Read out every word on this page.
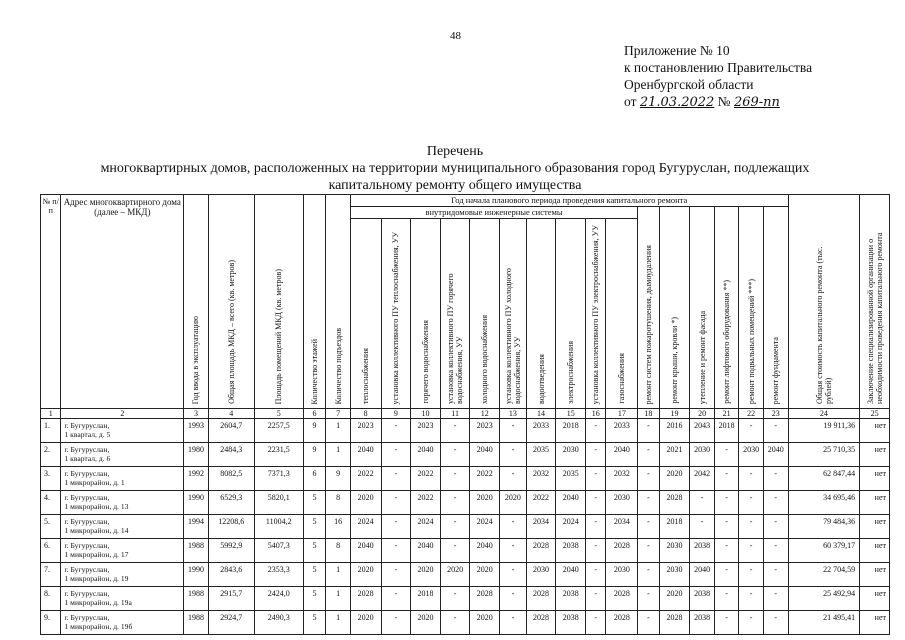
48
Приложение № 10
к постановлению Правительства
Оренбургской области
от 21.03.2022 № 269-пп
Перечень
многоквартирных домов, расположенных на территории муниципального образования город Бугуруслан, подлежащих
капитальному ремонту общего имущества
№ п/п	Адрес многоквартирного дома (далее – МКД)	Год ввода в эксплуатацию	Общая площадь МКД – всего (кв. метров)	Площадь помещений МКД (кв. метров)	Количество этажей	Количество подъездов	Год начала планового периода проведения капитального ремонта																Общая стоимость капитального ремонта (тыс. рублей)	Заключение специализированной организации о необходимости проведения капитального ремонта

							внутридомовые инженерные системы										ремонт систем пожаротушения, дымоудаления	ремонт крыши, кровли *)	утепление и ремонт фасада	ремонт лифтового оборудования **)	ремонт подвальных помещений ***)	ремонт фундамента		

							теплоснабжения	установка коллективного ПУ теплоснабжения, УУ	горячего водоснабжения	установка коллективного ПУ горячего водоснабжения, УУ	холодного водоснабжения	установка коллективного ПУ холодного водоснабжения, УУ	водоотведения	электроснабжения	установка коллективного ПУ электроснабжения, УУ	газоснабжения								

1	2	3	4	5	6	7	8	9	10	11	12	13	14	15	16	17	18	19	20	21	22	23	24	25
1.	г. Бугуруслан,
1 квартал, д. 5	1993	2604,7	2257,5	9	1	2023	-	2023	-	2023	-	2033	2018	-	2033	-	2016	2043	2018	-	-	19 911,36	нет
2.	г. Бугуруслан,
1 квартал, д. 6	1980	2484,3	2231,5	9	1	2040	-	2040	-	2040	-	2035	2030	-	2040	-	2021	2030	-	2030	2040	25 710,35	нет
3.	г. Бугуруслан,
1 микрорайон, д. 1	1992	8082,5	7371,3	6	9	2022	-	2022	-	2022	-	2032	2035	-	2032	-	2020	2042	-	-	-	62 847,44	нет
4.	г. Бугуруслан,
1 микрорайон, д. 13	1990	6529,3	5820,1	5	8	2020	-	2022	-	2020	2020	2022	2040	-	2030	-	2028	-	-	-	-	34 695,46	нет
5.	г. Бугуруслан,
1 микрорайон, д. 14	1994	12208,6	11004,2	5	16	2024	-	2024	-	2024	-	2034	2024	-	2034	-	2018	-	-	-	-	79 484,36	нет
6.	г. Бугуруслан,
1 микрорайон, д. 17	1988	5992,9	5407,3	5	8	2040	-	2040	-	2040	-	2028	2038	-	2028	-	2030	2038	-	-	-	60 379,17	нет
7.	г. Бугуруслан,
1 микрорайон, д. 19	1990	2843,6	2353,3	5	1	2020	-	2020	2020	2020	-	2030	2040	-	2030	-	2030	2040	-	-	-	22 704,59	нет
8.	г. Бугуруслан,
1 микрорайон, д. 19а	1988	2915,7	2424,0	5	1	2028	-	2018	-	2028	-	2028	2038	-	2028	-	2020	2038	-	-	-	25 492,94	нет
9.	г. Бугуруслан,
1 микрорайон, д. 19б	1988	2924,7	2490,3	5	1	2020	-	2020	-	2020	-	2028	2038	-	2028	-	2028	2038	-	-	-	21 495,41	нет
